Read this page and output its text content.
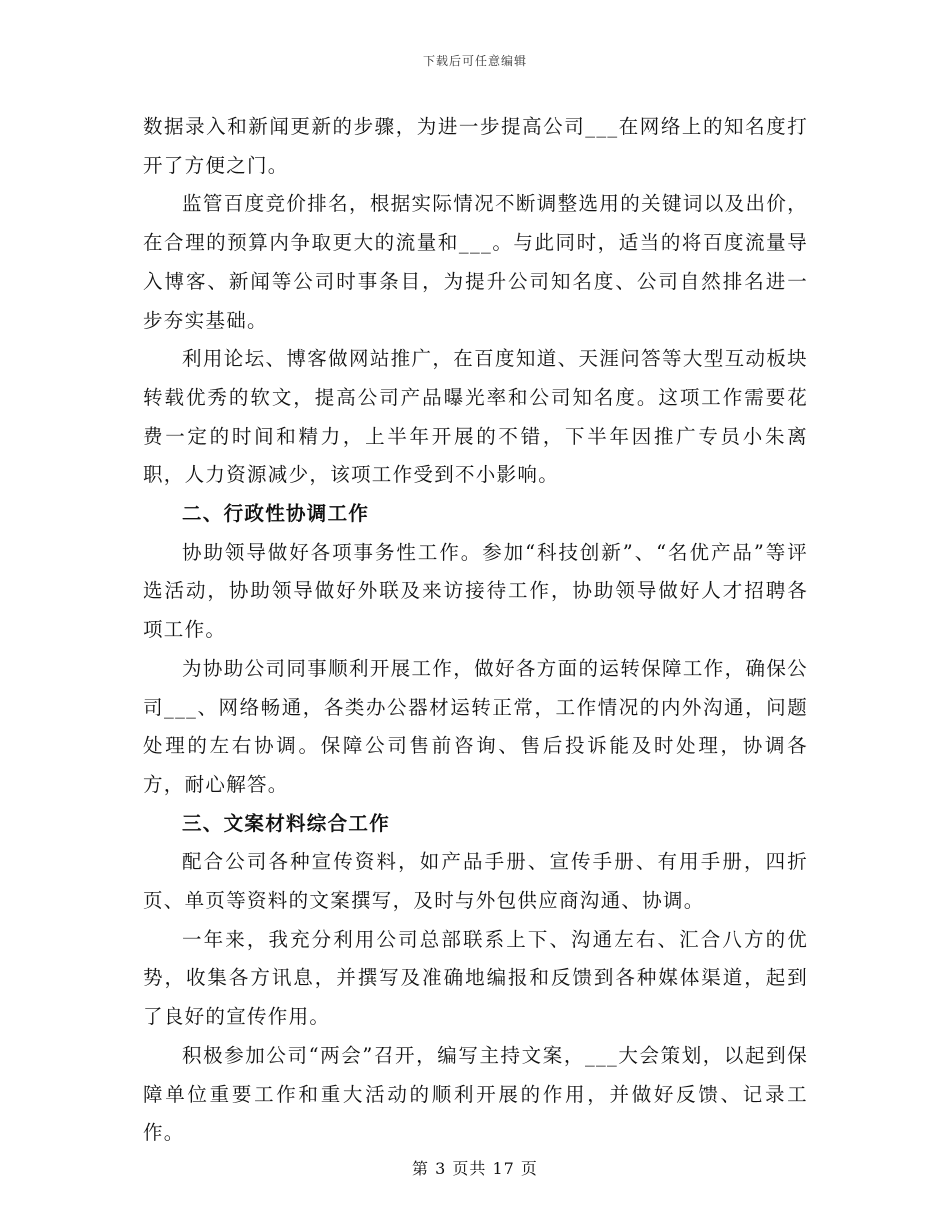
下载后可任意编辑

数据录入和新闻更新的步骤，为进一步提高公司___在网络上的知名度打开了方便之门。

监管百度竞价排名，根据实际情况不断调整选用的关键词以及出价，在合理的预算内争取更大的流量和___。与此同时，适当的将百度流量导入博客、新闻等公司时事条目，为提升公司知名度、公司自然排名进一步夯实基础。

利用论坛、博客做网站推广，在百度知道、天涯问答等大型互动板块转载优秀的软文，提高公司产品曝光率和公司知名度。这项工作需要花费一定的时间和精力，上半年开展的不错，下半年因推广专员小朱离职，人力资源减少，该项工作受到不小影响。

二、行政性协调工作

协助领导做好各项事务性工作。参加“科技创新”、“名优产品”等评选活动，协助领导做好外联及来访接待工作，协助领导做好人才招聘各项工作。

为协助公司同事顺利开展工作，做好各方面的运转保障工作，确保公司___、网络畅通，各类办公器材运转正常，工作情况的内外沟通，问题处理的左右协调。保障公司售前咨询、售后投诉能及时处理，协调各方，耐心解答。

三、文案材料综合工作

配合公司各种宣传资料，如产品手册、宣传手册、有用手册，四折页、单页等资料的文案撰写，及时与外包供应商沟通、协调。

一年来，我充分利用公司总部联系上下、沟通左右、汇合八方的优势，收集各方讯息，并撰写及准确地编报和反馈到各种媒体渠道，起到了良好的宣传作用。

积极参加公司“两会”召开，编写主持文案，___大会策划，以起到保障单位重要工作和重大活动的顺利开展的作用，并做好反馈、记录工作。

第 3 页共 17 页
